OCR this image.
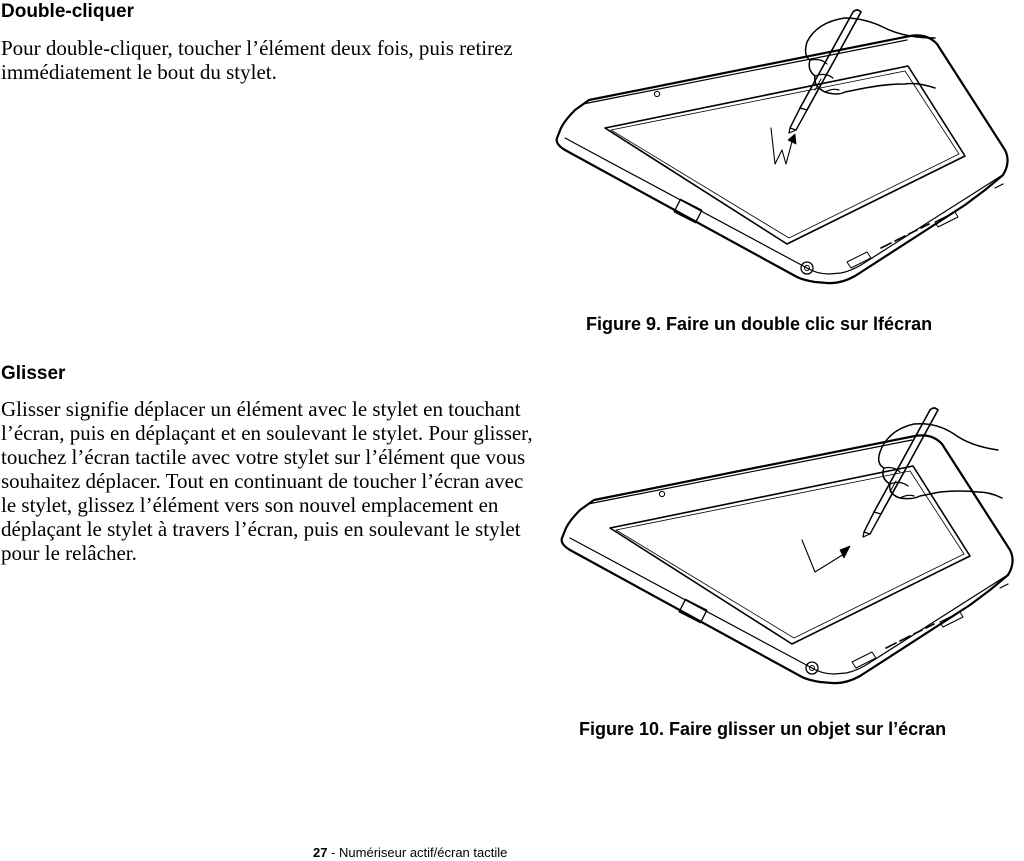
Double-cliquer

Pour double-cliquer, toucher l’élément deux fois, puis retirez immédiatement le bout du stylet.

Figure 9. Faire un double clic sur lfécran

Glisser

Glisser signifie déplacer un élément avec le stylet en touchant l’écran, puis en déplaçant et en soulevant le stylet. Pour glisser, touchez l’écran tactile avec votre stylet sur l’élément que vous souhaitez déplacer. Tout en continuant de toucher l’écran avec le stylet, glissez l’élément vers son nouvel emplacement en déplaçant le stylet à travers l’écran, puis en soulevant le stylet pour le relâcher.

Figure 10. Faire glisser un objet sur l’écran

27 - Numériseur actif/écran tactile
